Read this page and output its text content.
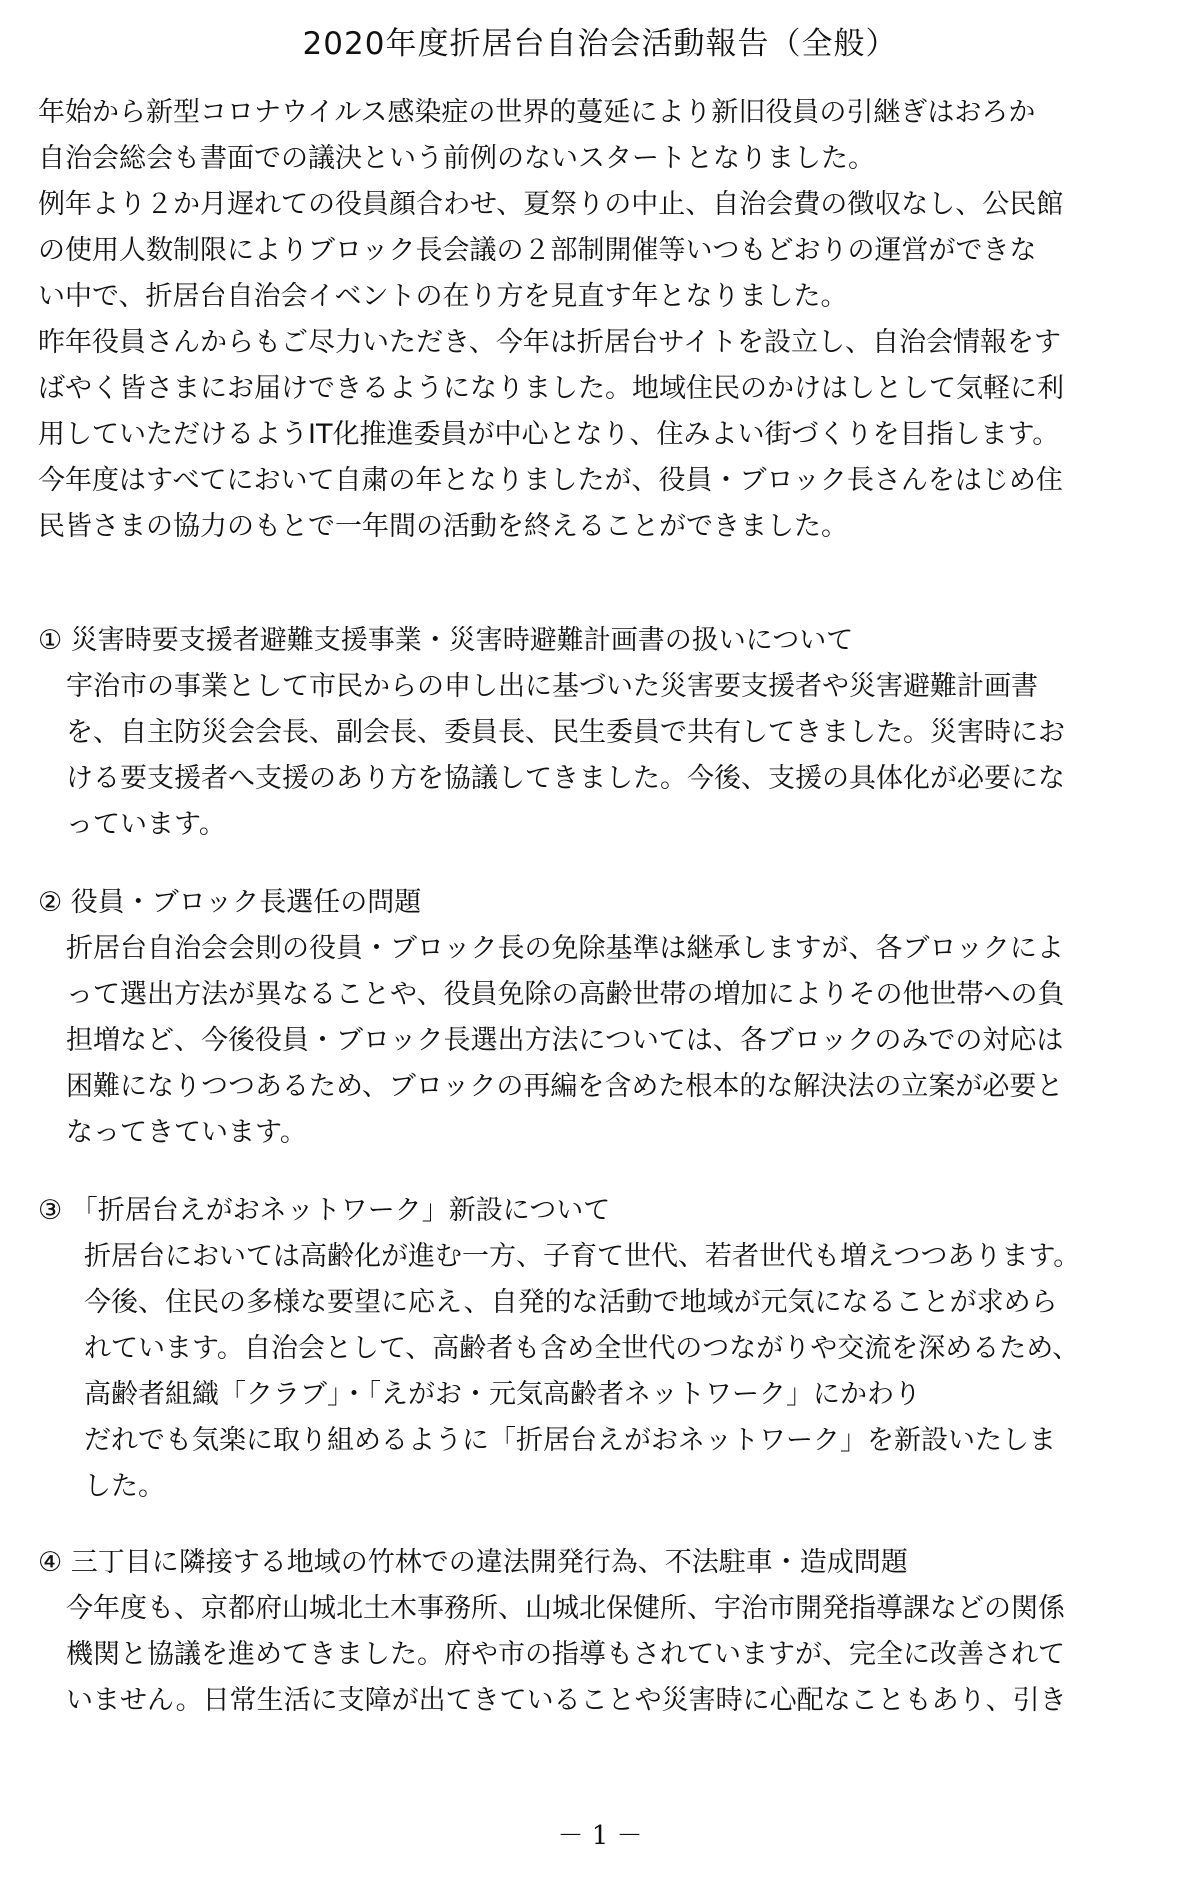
2020年度折居台自治会活動報告（全般）
年始から新型コロナウイルス感染症の世界的蔓延により新旧役員の引継ぎはおろか
自治会総会も書面での議決という前例のないスタートとなりました。
例年より２か月遅れての役員顔合わせ、夏祭りの中止、自治会費の徴収なし、公民館
の使用人数制限によりブロック長会議の２部制開催等いつもどおりの運営ができな
い中で、折居台自治会イベントの在り方を見直す年となりました。
昨年役員さんからもご尽力いただき、今年は折居台サイトを設立し、自治会情報をす
ばやく皆さまにお届けできるようになりました。地域住民のかけはしとして気軽に利
用していただけるようIT化推進委員が中心となり、住みよい街づくりを目指します。
今年度はすべてにおいて自粛の年となりましたが、役員・ブロック長さんをはじめ住
民皆さまの協力のもとで一年間の活動を終えることができました。
① 災害時要支援者避難支援事業・災害時避難計画書の扱いについて
宇治市の事業として市民からの申し出に基づいた災害要支援者や災害避難計画書
を、自主防災会会長、副会長、委員長、民生委員で共有してきました。災害時にお
ける要支援者へ支援のあり方を協議してきました。今後、支援の具体化が必要にな
っています。
② 役員・ブロック長選任の問題
折居台自治会会則の役員・ブロック長の免除基準は継承しますが、各ブロックによ
って選出方法が異なることや、役員免除の高齢世帯の増加によりその他世帯への負
担増など、今後役員・ブロック長選出方法については、各ブロックのみでの対応は
困難になりつつあるため、ブロックの再編を含めた根本的な解決法の立案が必要と
なってきています。
③ 「折居台えがおネットワーク」新設について
折居台においては高齢化が進む一方、子育て世代、若者世代も増えつつあります。
今後、住民の多様な要望に応え、自発的な活動で地域が元気になることが求めら
れています。自治会として、高齢者も含め全世代のつながりや交流を深めるため、
高齢者組織「クラブ」・「えがお・元気高齢者ネットワーク」にかわり
だれでも気楽に取り組めるように「折居台えがおネットワーク」を新設いたしま
した。
④ 三丁目に隣接する地域の竹林での違法開発行為、不法駐車・造成問題
今年度も、京都府山城北土木事務所、山城北保健所、宇治市開発指導課などの関係
機関と協議を進めてきました。府や市の指導もされていますが、完全に改善されて
いません。日常生活に支障が出てきていることや災害時に心配なこともあり、引き
－ 1 －
